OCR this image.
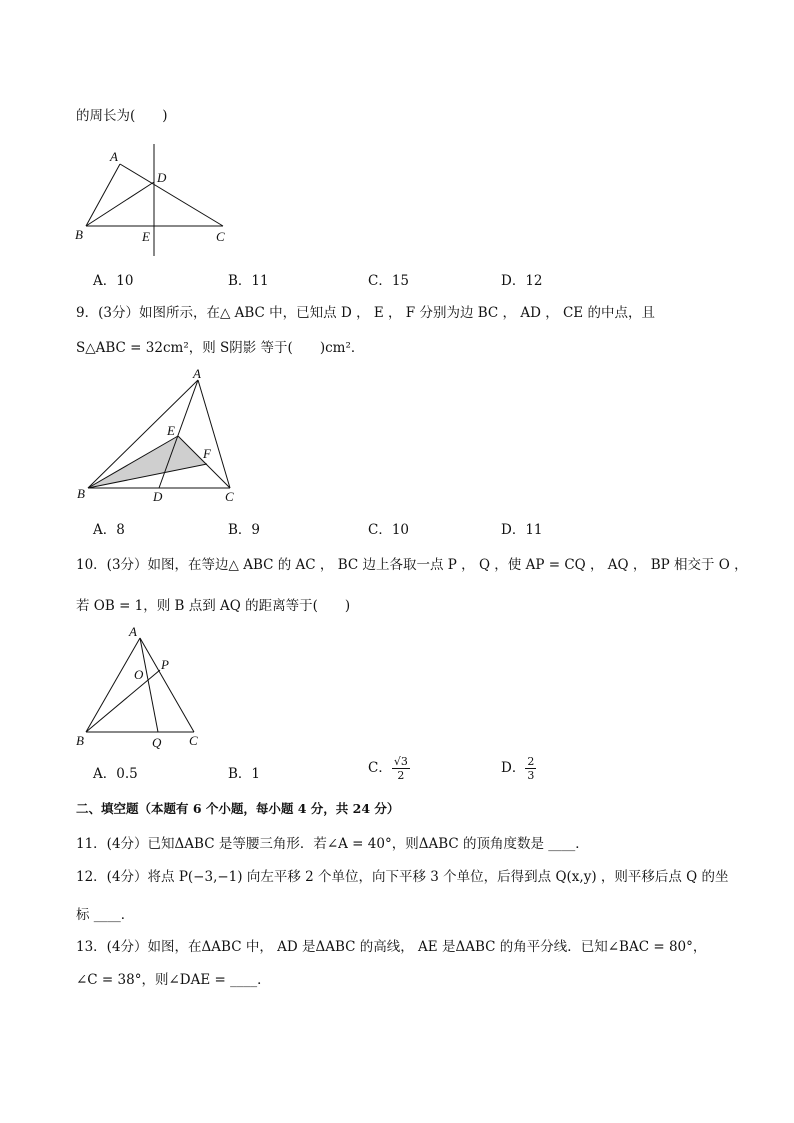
的周长为(　　)
A
D
B	E	C
A．10	B．11	C．15	D．12
9．(3分）如图所示，在△ ABC 中，已知点 D ， E ， F 分别为边 BC ， AD ， CE 的中点，且
S△ABC = 32cm²，则 S阴影 等于(　　)cm²．
A
E
F
B	D	C
A．8	B．9	C．10	D．11
10．(3分）如图，在等边△ ABC 的 AC ， BC 边上各取一点 P ， Q ，使 AP = CQ ， AQ ， BP 相交于 O ，
若 OB = 1，则 B 点到 AQ 的距离等于(　　)
A
P
O
B	Q C
A．0.5	B．1	C． $\frac{√3}{2}$	D． $\frac{2}{3}$
二、填空题（本题有 6 个小题，每小题 4 分，共 24 分）
11．(4分）已知ΔABC 是等腰三角形．若∠A = 40°，则ΔABC 的顶角度数是 ____．
12．(4分）将点 P(−3,−1) 向左平移 2 个单位，向下平移 3 个单位，后得到点 Q(x,y) ，则平移后点 Q 的坐
标 ____．
13．(4分）如图，在ΔABC 中， AD 是ΔABC 的高线， AE 是ΔABC 的角平分线．已知∠BAC = 80°，
∠C = 38°，则∠DAE = ____．
